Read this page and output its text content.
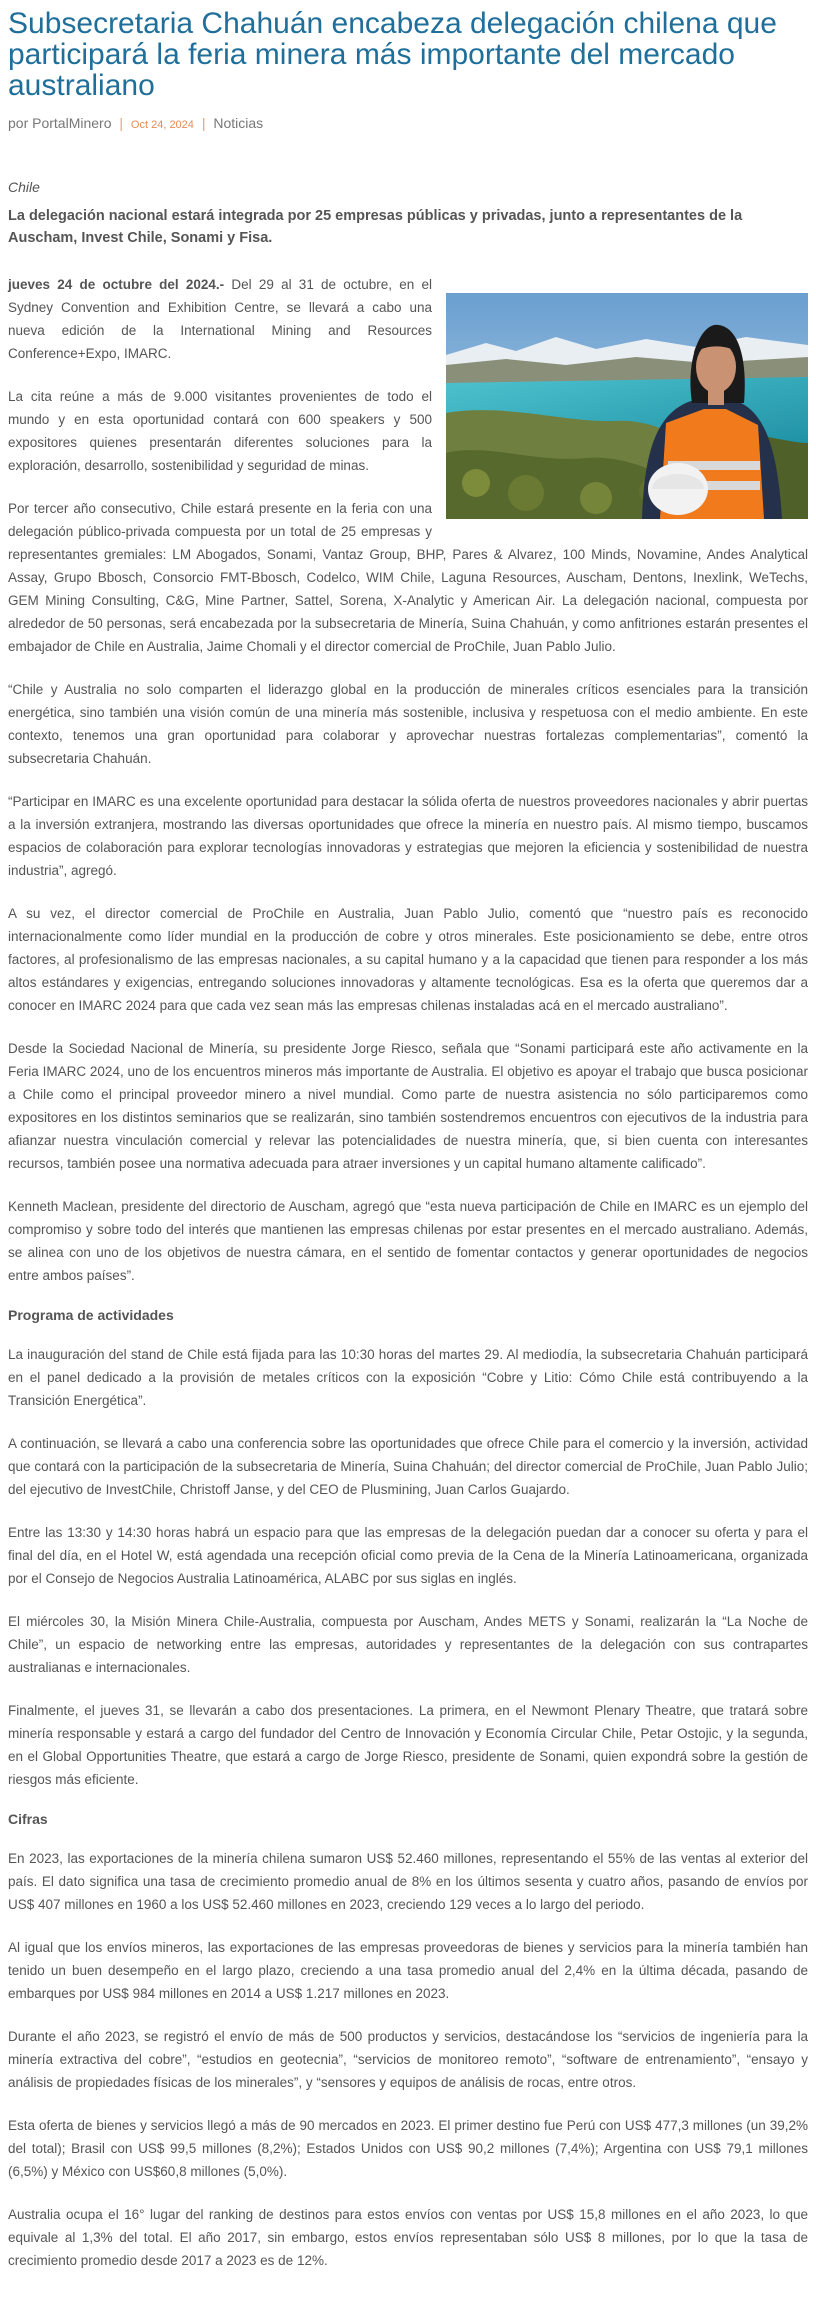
Subsecretaria Chahuán encabeza delegación chilena que participará la feria minera más importante del mercado australiano
por PortalMinero | Oct 24, 2024 | Noticias
Chile
La delegación nacional estará integrada por 25 empresas públicas y privadas, junto a representantes de la Auscham, Invest Chile, Sonami y Fisa.

jueves 24 de octubre del 2024.- Del 29 al 31 de octubre, en el Sydney Convention and Exhibition Centre, se llevará a cabo una nueva edición de la International Mining and Resources Conference+Expo, IMARC.

La cita reúne a más de 9.000 visitantes provenientes de todo el mundo y en esta oportunidad contará con 600 speakers y 500 expositores quienes presentarán diferentes soluciones para la exploración, desarrollo, sostenibilidad y seguridad de minas.

Por tercer año consecutivo, Chile estará presente en la feria con una delegación público-privada compuesta por un total de 25 empresas y representantes gremiales: LM Abogados, Sonami, Vantaz Group, BHP, Pares & Alvarez, 100 Minds, Novamine, Andes Analytical Assay, Grupo Bbosch, Consorcio FMT-Bbosch, Codelco, WIM Chile, Laguna Resources, Auscham, Dentons, Inexlink, WeTechs, GEM Mining Consulting, C&G, Mine Partner, Sattel, Sorena, X-Analytic y American Air. La delegación nacional, compuesta por alrededor de 50 personas, será encabezada por la subsecretaria de Minería, Suina Chahuán, y como anfitriones estarán presentes el embajador de Chile en Australia, Jaime Chomali y el director comercial de ProChile, Juan Pablo Julio.

“Chile y Australia no solo comparten el liderazgo global en la producción de minerales críticos esenciales para la transición energética, sino también una visión común de una minería más sostenible, inclusiva y respetuosa con el medio ambiente. En este contexto, tenemos una gran oportunidad para colaborar y aprovechar nuestras fortalezas complementarias”, comentó la subsecretaria Chahuán.

“Participar en IMARC es una excelente oportunidad para destacar la sólida oferta de nuestros proveedores nacionales y abrir puertas a la inversión extranjera, mostrando las diversas oportunidades que ofrece la minería en nuestro país. Al mismo tiempo, buscamos espacios de colaboración para explorar tecnologías innovadoras y estrategias que mejoren la eficiencia y sostenibilidad de nuestra industria”, agregó.

A su vez, el director comercial de ProChile en Australia, Juan Pablo Julio, comentó que “nuestro país es reconocido internacionalmente como líder mundial en la producción de cobre y otros minerales. Este posicionamiento se debe, entre otros factores, al profesionalismo de las empresas nacionales, a su capital humano y a la capacidad que tienen para responder a los más altos estándares y exigencias, entregando soluciones innovadoras y altamente tecnológicas. Esa es la oferta que queremos dar a conocer en IMARC 2024 para que cada vez sean más las empresas chilenas instaladas acá en el mercado australiano”.

Desde la Sociedad Nacional de Minería, su presidente Jorge Riesco, señala que “Sonami participará este año activamente en la Feria IMARC 2024, uno de los encuentros mineros más importante de Australia. El objetivo es apoyar el trabajo que busca posicionar a Chile como el principal proveedor minero a nivel mundial. Como parte de nuestra asistencia no sólo participaremos como expositores en los distintos seminarios que se realizarán, sino también sostendremos encuentros con ejecutivos de la industria para afianzar nuestra vinculación comercial y relevar las potencialidades de nuestra minería, que, si bien cuenta con interesantes recursos, también posee una normativa adecuada para atraer inversiones y un capital humano altamente calificado”.

Kenneth Maclean, presidente del directorio de Auscham, agregó que “esta nueva participación de Chile en IMARC es un ejemplo del compromiso y sobre todo del interés que mantienen las empresas chilenas por estar presentes en el mercado australiano. Además, se alinea con uno de los objetivos de nuestra cámara, en el sentido de fomentar contactos y generar oportunidades de negocios entre ambos países”.

Programa de actividades

La inauguración del stand de Chile está fijada para las 10:30 horas del martes 29. Al mediodía, la subsecretaria Chahuán participará en el panel dedicado a la provisión de metales críticos con la exposición “Cobre y Litio: Cómo Chile está contribuyendo a la Transición Energética”.

A continuación, se llevará a cabo una conferencia sobre las oportunidades que ofrece Chile para el comercio y la inversión, actividad que contará con la participación de la subsecretaria de Minería, Suina Chahuán; del director comercial de ProChile, Juan Pablo Julio; del ejecutivo de InvestChile, Christoff Janse, y del CEO de Plusmining, Juan Carlos Guajardo.

Entre las 13:30 y 14:30 horas habrá un espacio para que las empresas de la delegación puedan dar a conocer su oferta y para el final del día, en el Hotel W, está agendada una recepción oficial como previa de la Cena de la Minería Latinoamericana, organizada por el Consejo de Negocios Australia Latinoamérica, ALABC por sus siglas en inglés.

El miércoles 30, la Misión Minera Chile-Australia, compuesta por Auscham, Andes METS y Sonami, realizarán la “La Noche de Chile”, un espacio de networking entre las empresas, autoridades y representantes de la delegación con sus contrapartes australianas e internacionales.

Finalmente, el jueves 31, se llevarán a cabo dos presentaciones. La primera, en el Newmont Plenary Theatre, que tratará sobre minería responsable y estará a cargo del fundador del Centro de Innovación y Economía Circular Chile, Petar Ostojic, y la segunda, en el Global Opportunities Theatre, que estará a cargo de Jorge Riesco, presidente de Sonami, quien expondrá sobre la gestión de riesgos más eficiente.

Cifras

En 2023, las exportaciones de la minería chilena sumaron US$ 52.460 millones, representando el 55% de las ventas al exterior del país. El dato significa una tasa de crecimiento promedio anual de 8% en los últimos sesenta y cuatro años, pasando de envíos por US$ 407 millones en 1960 a los US$ 52.460 millones en 2023, creciendo 129 veces a lo largo del periodo.

Al igual que los envíos mineros, las exportaciones de las empresas proveedoras de bienes y servicios para la minería también han tenido un buen desempeño en el largo plazo, creciendo a una tasa promedio anual del 2,4% en la última década, pasando de embarques por US$ 984 millones en 2014 a US$ 1.217 millones en 2023.

Durante el año 2023, se registró el envío de más de 500 productos y servicios, destacándose los “servicios de ingeniería para la minería extractiva del cobre”, “estudios en geotecnia”, “servicios de monitoreo remoto”, “software de entrenamiento”, “ensayo y análisis de propiedades físicas de los minerales”, y “sensores y equipos de análisis de rocas, entre otros.

Esta oferta de bienes y servicios llegó a más de 90 mercados en 2023. El primer destino fue Perú con US$ 477,3 millones (un 39,2% del total); Brasil con US$ 99,5 millones (8,2%); Estados Unidos con US$ 90,2 millones (7,4%); Argentina con US$ 79,1 millones (6,5%) y México con US$60,8 millones (5,0%).

Australia ocupa el 16° lugar del ranking de destinos para estos envíos con ventas por US$ 15,8 millones en el año 2023, lo que equivale al 1,3% del total. El año 2017, sin embargo, estos envíos representaban sólo US$ 8 millones, por lo que la tasa de crecimiento promedio desde 2017 a 2023 es de 12%.
